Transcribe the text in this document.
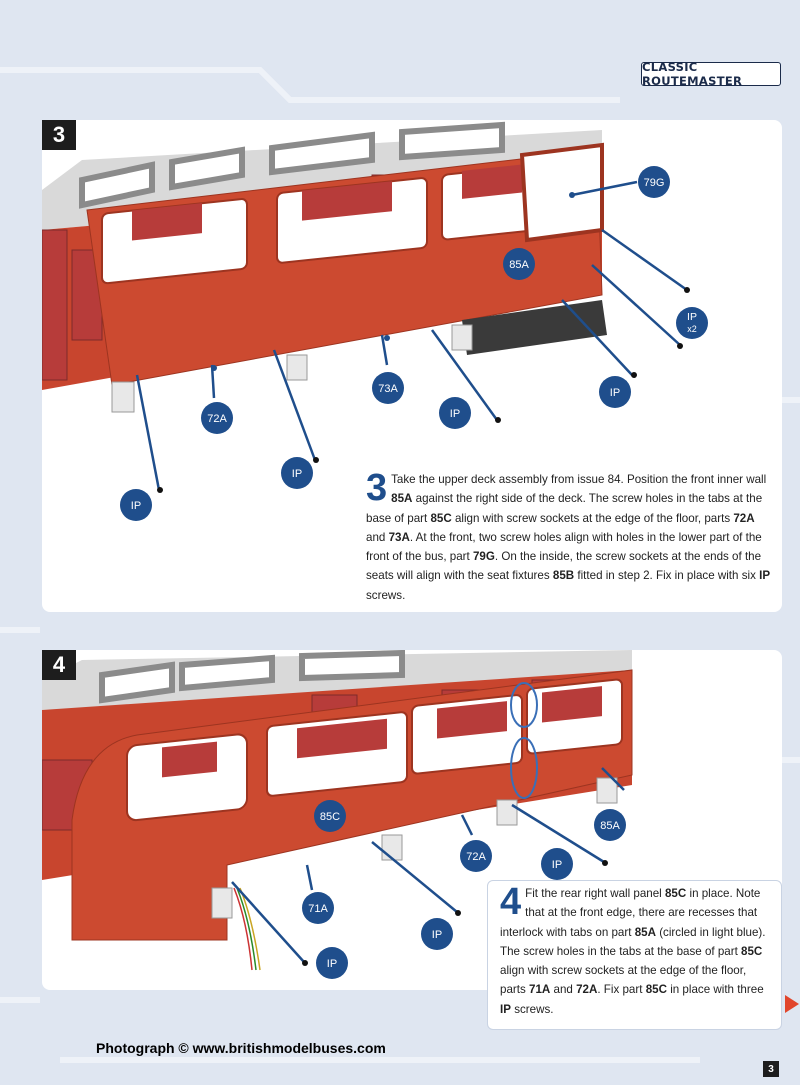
CLASSIC ROUTEMASTER
79G
85A
IP
x2
IP
IP
73A
72A
IP
IP
3
3 Take the upper deck assembly from issue 84. Position the front inner wall 85A against the right side of the deck. The screw holes in the tabs at the base of part 85C align with screw sockets at the edge of the floor, parts 72A and 73A. At the front, two screw holes align with holes in the lower part of the front of the bus, part 79G. On the inside, the screw sockets at the ends of the seats will align with the seat fixtures 85B fitted in step 2. Fix in place with six IP screws.
85C
85A
72A
IP
71A
IP
IP
4
4 Fit the rear right wall panel 85C in place. Note that at the front edge, there are recesses that interlock with tabs on part 85A (circled in light blue). The screw holes in the tabs at the base of part 85C align with screw sockets at the edge of the floor, parts 71A and 72A. Fix part 85C in place with three IP screws.
Photograph © www.britishmodelbuses.com
3
